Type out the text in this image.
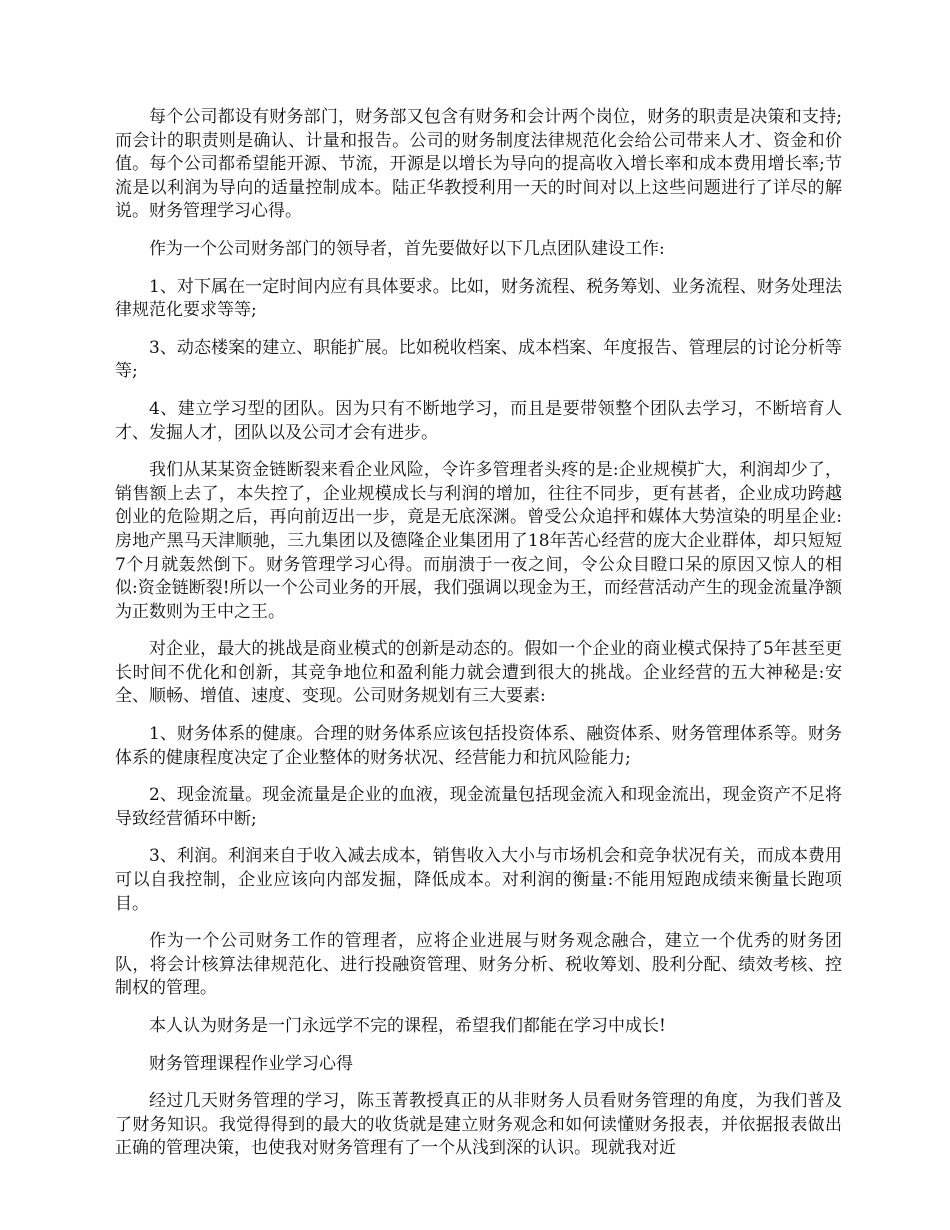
每个公司都设有财务部门，财务部又包含有财务和会计两个岗位，财务的职责是决策和支持;而会计的职责则是确认、计量和报告。公司的财务制度法律规范化会给公司带来人才、资金和价值。每个公司都希望能开源、节流，开源是以增长为导向的提高收入增长率和成本费用增长率;节流是以利润为导向的适量控制成本。陆正华教授利用一天的时间对以上这些问题进行了详尽的解说。财务管理学习心得。

作为一个公司财务部门的领导者，首先要做好以下几点团队建设工作:

1、对下属在一定时间内应有具体要求。比如，财务流程、税务筹划、业务流程、财务处理法律规范化要求等等;

3、动态楼案的建立、职能扩展。比如税收档案、成本档案、年度报告、管理层的讨论分析等等;

4、建立学习型的团队。因为只有不断地学习，而且是要带领整个团队去学习，不断培育人才、发掘人才，团队以及公司才会有进步。

我们从某某资金链断裂来看企业风险，令许多管理者头疼的是:企业规模扩大，利润却少了，销售额上去了，本失控了，企业规模成长与利润的增加，往往不同步，更有甚者，企业成功跨越创业的危险期之后，再向前迈出一步，竟是无底深渊。曾受公众追抨和媒体大势渲染的明星企业:房地产黑马天津顺驰，三九集团以及德隆企业集团用了18年苦心经营的庞大企业群体，却只短短7个月就轰然倒下。财务管理学习心得。而崩溃于一夜之间，令公众目瞪口呆的原因又惊人的相似:资金链断裂!所以一个公司业务的开展，我们强调以现金为王，而经营活动产生的现金流量净额为正数则为王中之王。

对企业，最大的挑战是商业模式的创新是动态的。假如一个企业的商业模式保持了5年甚至更长时间不优化和创新，其竞争地位和盈利能力就会遭到很大的挑战。企业经营的五大神秘是:安全、顺畅、增值、速度、变现。公司财务规划有三大要素:

1、财务体系的健康。合理的财务体系应该包括投资体系、融资体系、财务管理体系等。财务体系的健康程度决定了企业整体的财务状况、经营能力和抗风险能力;

2、现金流量。现金流量是企业的血液，现金流量包括现金流入和现金流出，现金资产不足将导致经营循环中断;

3、利润。利润来自于收入减去成本，销售收入大小与市场机会和竞争状况有关，而成本费用可以自我控制，企业应该向内部发掘，降低成本。对利润的衡量:不能用短跑成绩来衡量长跑项目。

作为一个公司财务工作的管理者，应将企业进展与财务观念融合，建立一个优秀的财务团队，将会计核算法律规范化、进行投融资管理、财务分析、税收筹划、股利分配、绩效考核、控制权的管理。

本人认为财务是一门永远学不完的课程，希望我们都能在学习中成长!

财务管理课程作业学习心得

经过几天财务管理的学习，陈玉菁教授真正的从非财务人员看财务管理的角度，为我们普及了财务知识。我觉得得到的最大的收货就是建立财务观念和如何读懂财务报表，并依据报表做出正确的管理决策，也使我对财务管理有了一个从浅到深的认识。现就我对近
